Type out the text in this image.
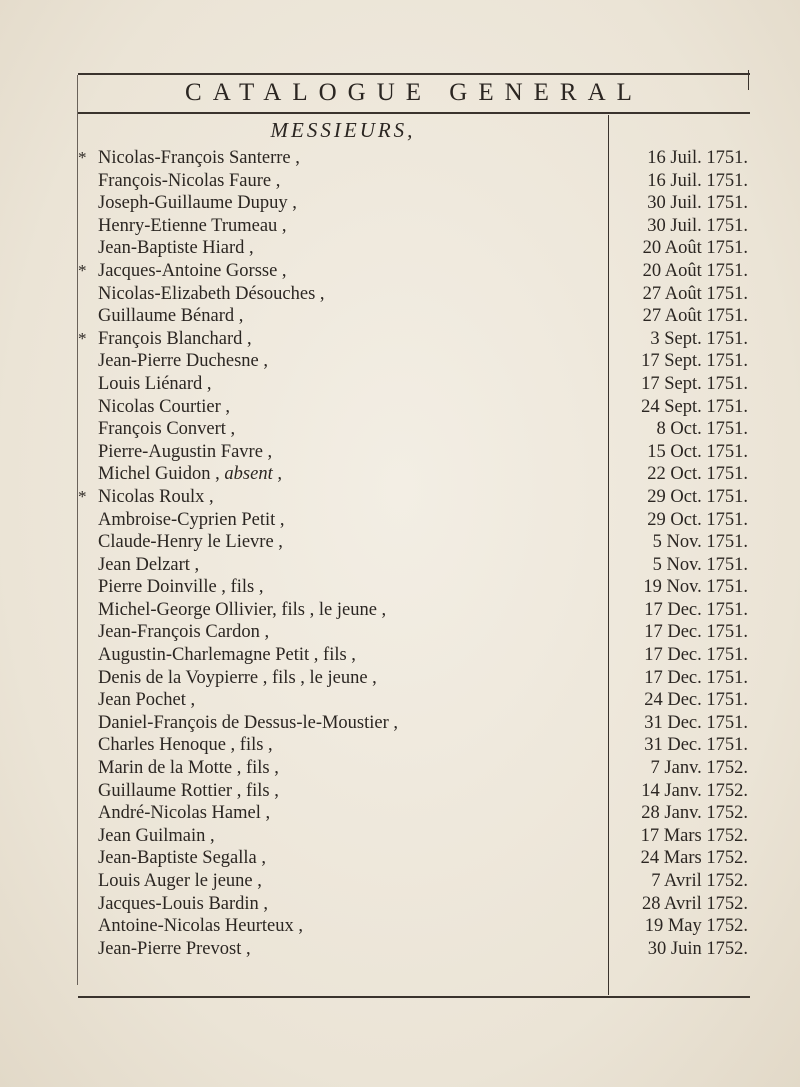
CATALOGUE GENERAL
MESSIEURS,
* Nicolas-François Santerre ,	16 Juil. 1751.
François-Nicolas Faure ,	16 Juil. 1751.
Joseph-Guillaume Dupuy ,	30 Juil. 1751.
Henry-Etienne Trumeau ,	30 Juil. 1751.
Jean-Baptiste Hiard ,	20 Août 1751.
* Jacques-Antoine Gorsse ,	20 Août 1751.
Nicolas-Elizabeth Désouches ,	27 Août 1751.
Guillaume Bénard ,	27 Août 1751.
* François Blanchard ,	3 Sept. 1751.
Jean-Pierre Duchesne ,	17 Sept. 1751.
Louis Liénard ,	17 Sept. 1751.
Nicolas Courtier ,	24 Sept. 1751.
François Convert ,	8 Oct. 1751.
Pierre-Augustin Favre ,	15 Oct. 1751.
Michel Guidon , absent ,	22 Oct. 1751.
* Nicolas Roulx ,	29 Oct. 1751.
Ambroise-Cyprien Petit ,	29 Oct. 1751.
Claude-Henry le Lievre ,	5 Nov. 1751.
Jean Delzart ,	5 Nov. 1751.
Pierre Doinville , fils ,	19 Nov. 1751.
Michel-George Ollivier, fils , le jeune ,	17 Dec. 1751.
Jean-François Cardon ,	17 Dec. 1751.
Augustin-Charlemagne Petit , fils ,	17 Dec. 1751.
Denis de la Voypierre , fils , le jeune ,	17 Dec. 1751.
Jean Pochet ,	24 Dec. 1751.
Daniel-François de Dessus-le-Moustier ,	31 Dec. 1751.
Charles Henoque , fils ,	31 Dec. 1751.
Marin de la Motte , fils ,	7 Janv. 1752.
Guillaume Rottier , fils ,	14 Janv. 1752.
André-Nicolas Hamel ,	28 Janv. 1752.
Jean Guilmain ,	17 Mars 1752.
Jean-Baptiste Segalla ,	24 Mars 1752.
Louis Auger le jeune ,	7 Avril 1752.
Jacques-Louis Bardin ,	28 Avril 1752.
Antoine-Nicolas Heurteux ,	19 May 1752.
Jean-Pierre Prevost ,	30 Juin 1752.
